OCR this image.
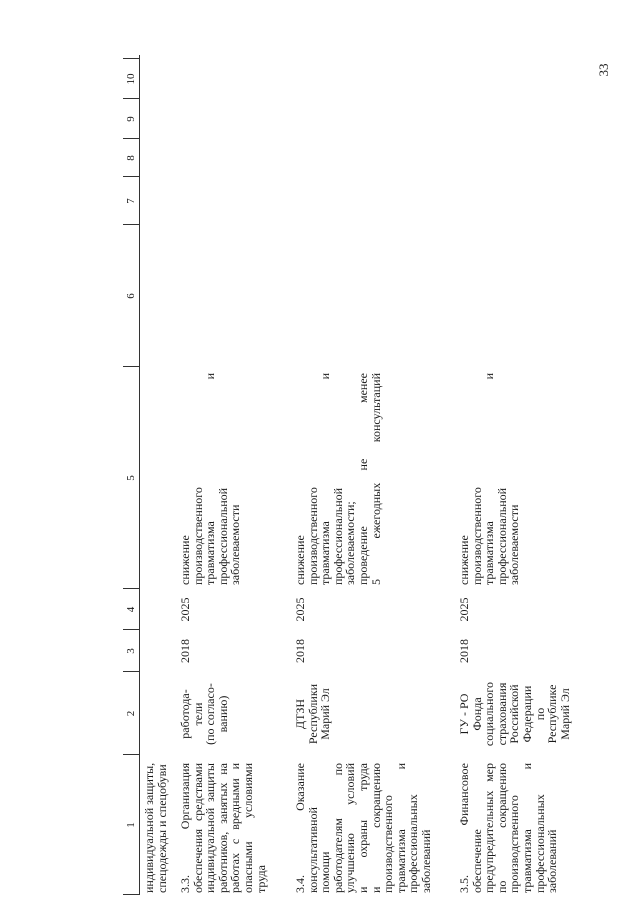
33
1
2
3
4
5
6
7
8
9
10
индивидуальной защиты,
спецодежды и спецобуви
3.3. Организация
обеспечения средствами
индивидуальной защиты
работников, занятых на
работах с вредными и
опасными условиями
труда
работода-
тели
(по согласо-
ванию)
2018
2025
снижение
производственного
травматизма и
профессиональной
заболеваемости
3.4. Оказание
консультативной помощи
работодателям по
улучшению условий
и охраны труда
и сокращению
производственного
травматизма и
профессиональных
заболеваний
ДТЗН
Республики
Марий Эл
2018
2025
снижение
производственного
травматизма и
профессиональной
заболеваемости;
проведение не менее
5 ежегодных консультаций
3.5. Финансовое
обеспечение
предупредительных мер
по сокращению
производственного
травматизма и
профессиональных
заболеваний
ГУ - РО
Фонда
социального
страхования
Российской
Федерации
по
Республике
Марий Эл
2018
2025
снижение
производственного
травматизма и
профессиональной
заболеваемости
